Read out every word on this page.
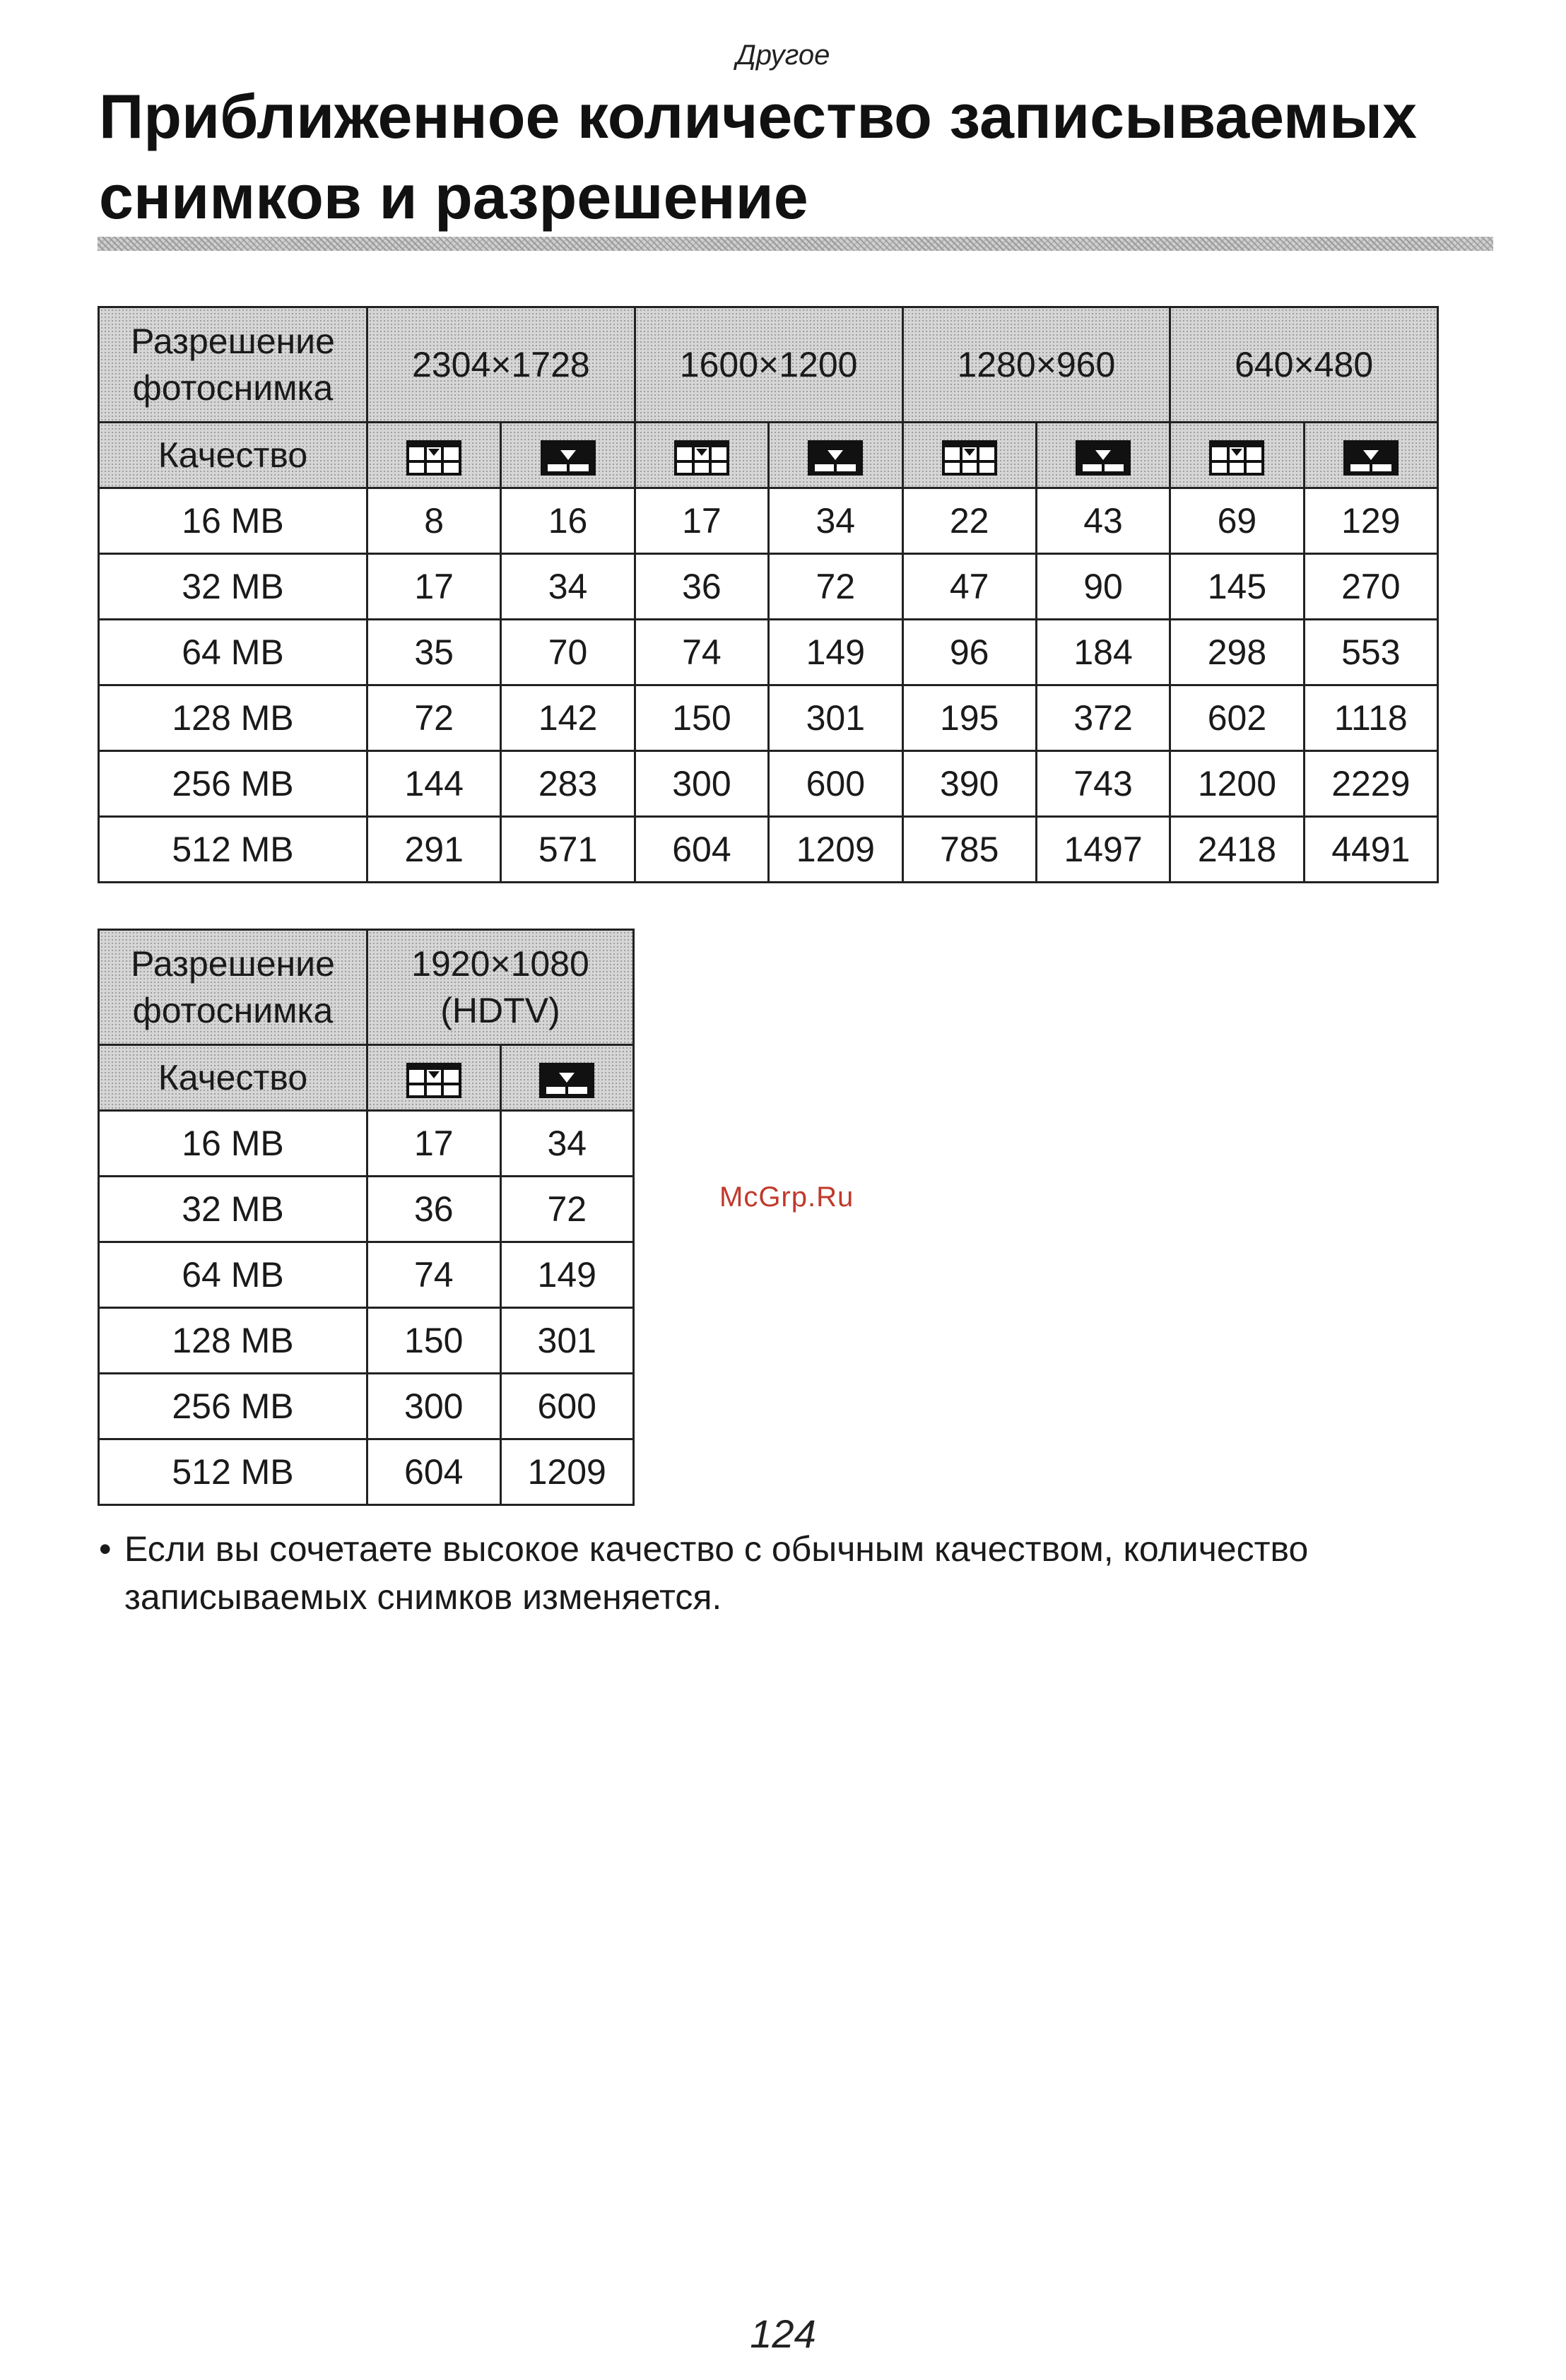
Другое
Приближенное количество записываемых
снимков и разрешение
Разрешение
фотоснимка	2304×1728		1600×1200		1280×960		640×480	
Качество								
16 MB	8	16	17	34	22	43	69	129
32 MB	17	34	36	72	47	90	145	270
64 MB	35	70	74	149	96	184	298	553
128 MB	72	142	150	301	195	372	602	1118
256 MB	144	283	300	600	390	743	1200	2229
512 MB	291	571	604	1209	785	1497	2418	4491
Разрешение
фотоснимка	1920×1080
(HDTV)	
Качество		
16 MB	17	34
32 MB	36	72
64 MB	74	149
128 MB	150	301
256 MB	300	600
512 MB	604	1209
McGrp.Ru

• Если вы сочетаете высокое качество с обычным качеством, количество записываемых снимков изменяется.

124
